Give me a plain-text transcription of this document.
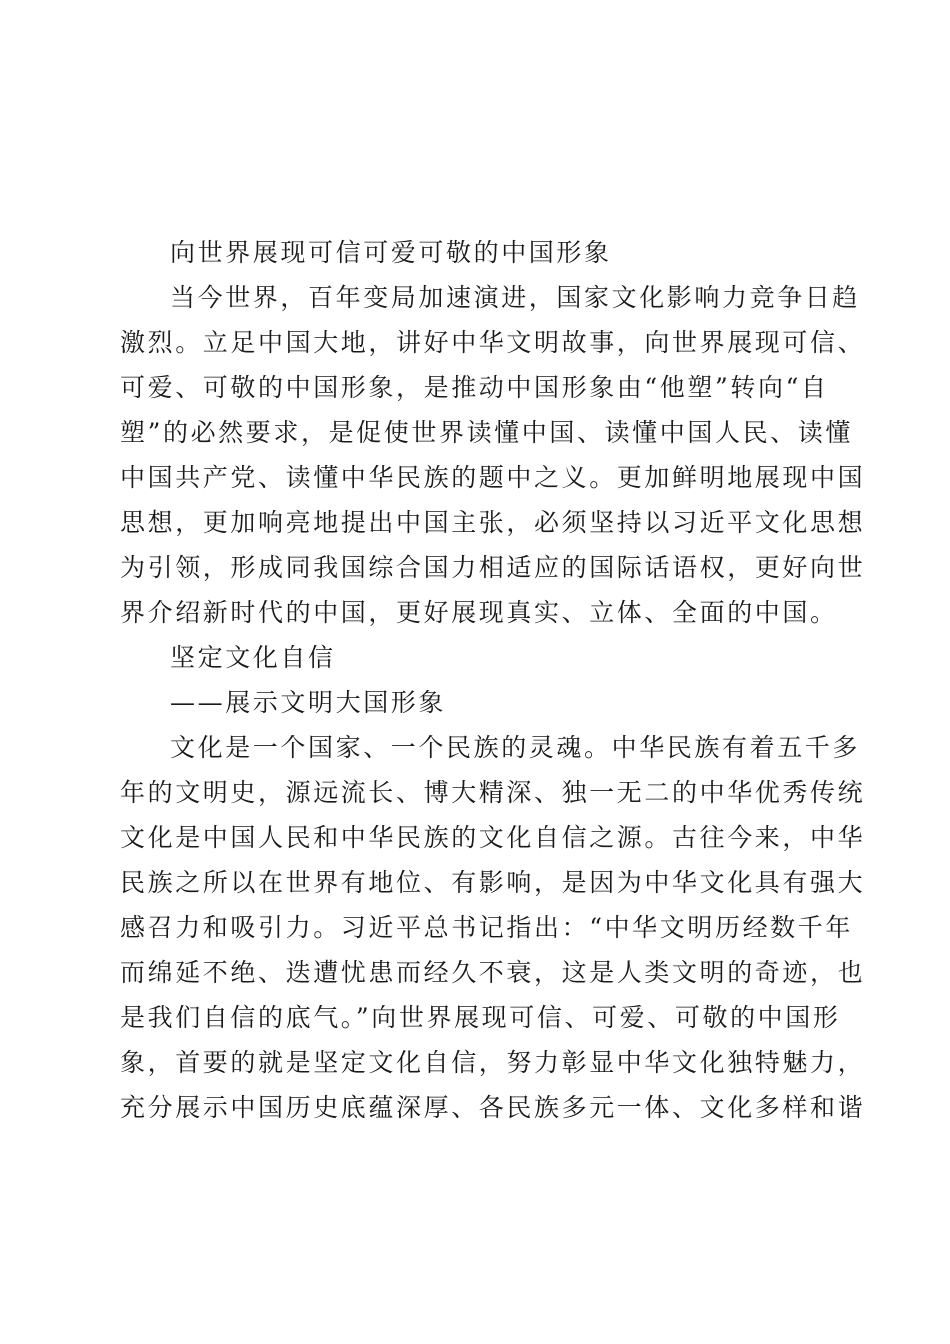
向世界展现可信可爱可敬的中国形象
当今世界，百年变局加速演进，国家文化影响力竞争日趋
激烈。立足中国大地，讲好中华文明故事，向世界展现可信、
可爱、可敬的中国形象，是推动中国形象由“他塑”转向“自
塑”的必然要求，是促使世界读懂中国、读懂中国人民、读懂
中国共产党、读懂中华民族的题中之义。更加鲜明地展现中国
思想，更加响亮地提出中国主张，必须坚持以习近平文化思想
为引领，形成同我国综合国力相适应的国际话语权，更好向世
界介绍新时代的中国，更好展现真实、立体、全面的中国。
坚定文化自信
——展示文明大国形象
文化是一个国家、一个民族的灵魂。中华民族有着五千多
年的文明史，源远流长、博大精深、独一无二的中华优秀传统
文化是中国人民和中华民族的文化自信之源。古往今来，中华
民族之所以在世界有地位、有影响，是因为中华文化具有强大
感召力和吸引力。习近平总书记指出：“中华文明历经数千年
而绵延不绝、迭遭忧患而经久不衰，这是人类文明的奇迹，也
是我们自信的底气。”向世界展现可信、可爱、可敬的中国形
象，首要的就是坚定文化自信，努力彰显中华文化独特魅力，
充分展示中国历史底蕴深厚、各民族多元一体、文化多样和谐
